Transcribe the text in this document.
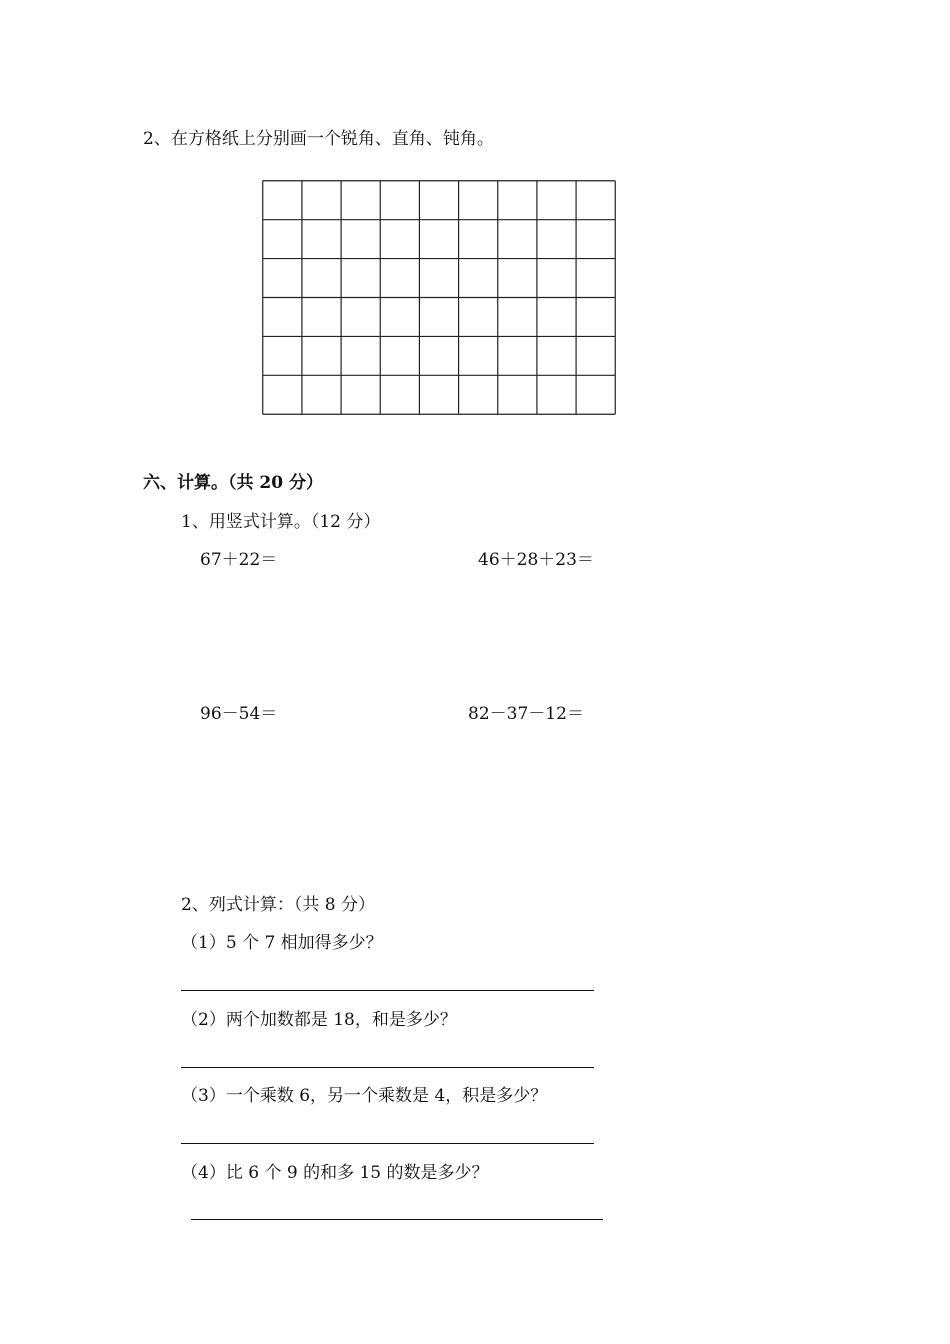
2、在方格纸上分别画一个锐角、直角、钝角。
六、计算。（共 20 分）
1、用竖式计算。（12 分）
67＋22＝	46＋28＋23＝
96－54＝	82－37－12＝
2、列式计算：（共 8 分）
（1）5 个 7 相加得多少？
（2）两个加数都是 18，和是多少？
（3）一个乘数 6，另一个乘数是 4，积是多少？
（4）比 6 个 9 的和多 15 的数是多少？
